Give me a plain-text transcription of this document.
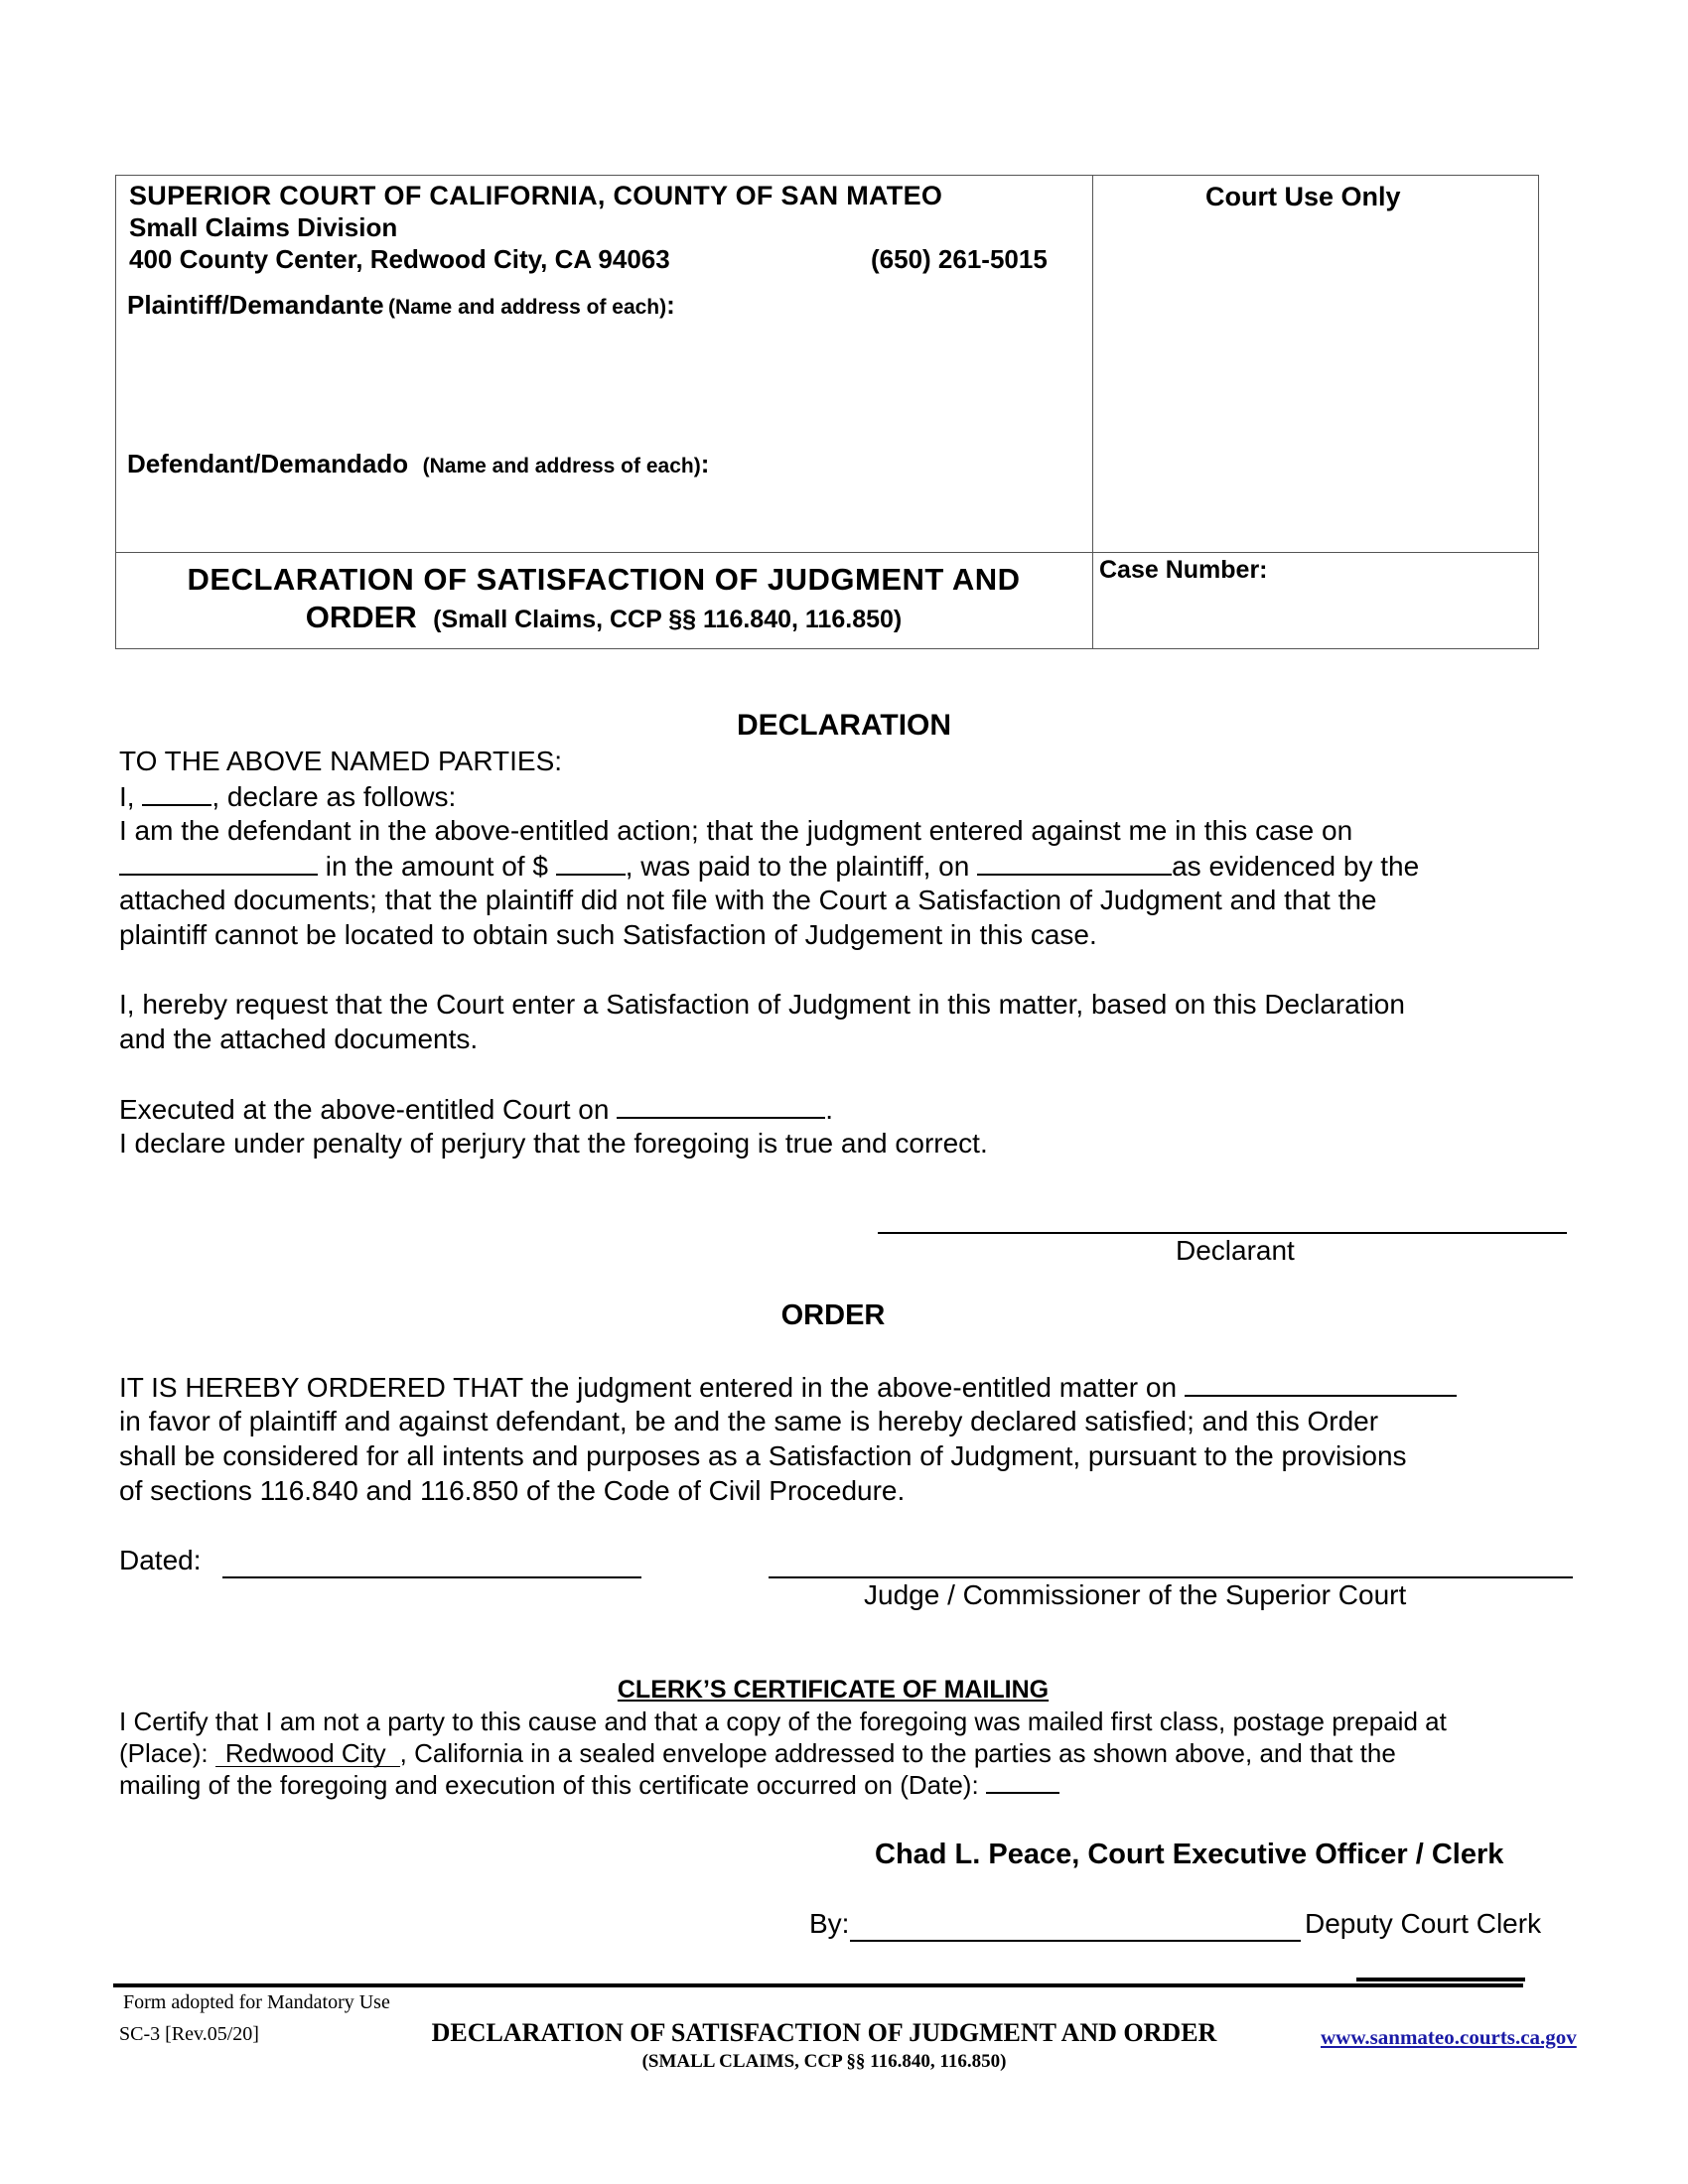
SUPERIOR COURT OF CALIFORNIA, COUNTY OF SAN MATEO
Small Claims Division
400 County Center, Redwood City, CA 94063	(650) 261-5015
Court Use Only
Plaintiff/Demandante (Name and address of each):
Defendant/Demandado (Name and address of each):
Case Number:
DECLARATION OF SATISFACTION OF JUDGMENT AND
ORDER (Small Claims, CCP §§ 116.840, 116.850)
DECLARATION
TO THE ABOVE NAMED PARTIES:
I,	, declare as follows:
I am the defendant in the above-entitled action; that the judgment entered against me in this case on
in the amount of $	, was paid to the plaintiff, on	as evidenced by the
attached documents; that the plaintiff did not file with the Court a Satisfaction of Judgment and that the
plaintiff cannot be located to obtain such Satisfaction of Judgement in this case.
I, hereby request that the Court enter a Satisfaction of Judgment in this matter, based on this Declaration
and the attached documents.
Executed at the above-entitled Court on	.
I declare under penalty of perjury that the foregoing is true and correct.
Declarant
ORDER
IT IS HEREBY ORDERED THAT the judgment entered in the above-entitled matter on
in favor of plaintiff and against defendant, be and the same is hereby declared satisfied; and this Order
shall be considered for all intents and purposes as a Satisfaction of Judgment, pursuant to the provisions
of sections 116.840 and 116.850 of the Code of Civil Procedure.
Dated:
Judge / Commissioner of the Superior Court
CLERK’S CERTIFICATE OF MAILING
I Certify that I am not a party to this cause and that a copy of the foregoing was mailed first class, postage prepaid at
(Place): Redwood City , California in a sealed envelope addressed to the parties as shown above, and that the
mailing of the foregoing and execution of this certificate occurred on (Date):
Chad L. Peace, Court Executive Officer / Clerk
By:	Deputy Court Clerk
Form adopted for Mandatory Use
SC-3 [Rev.05/20]	DECLARATION OF SATISFACTION OF JUDGMENT AND ORDER
(SMALL CLAIMS, CCP §§ 116.840, 116.850)
www.sanmateo.courts.ca.gov
